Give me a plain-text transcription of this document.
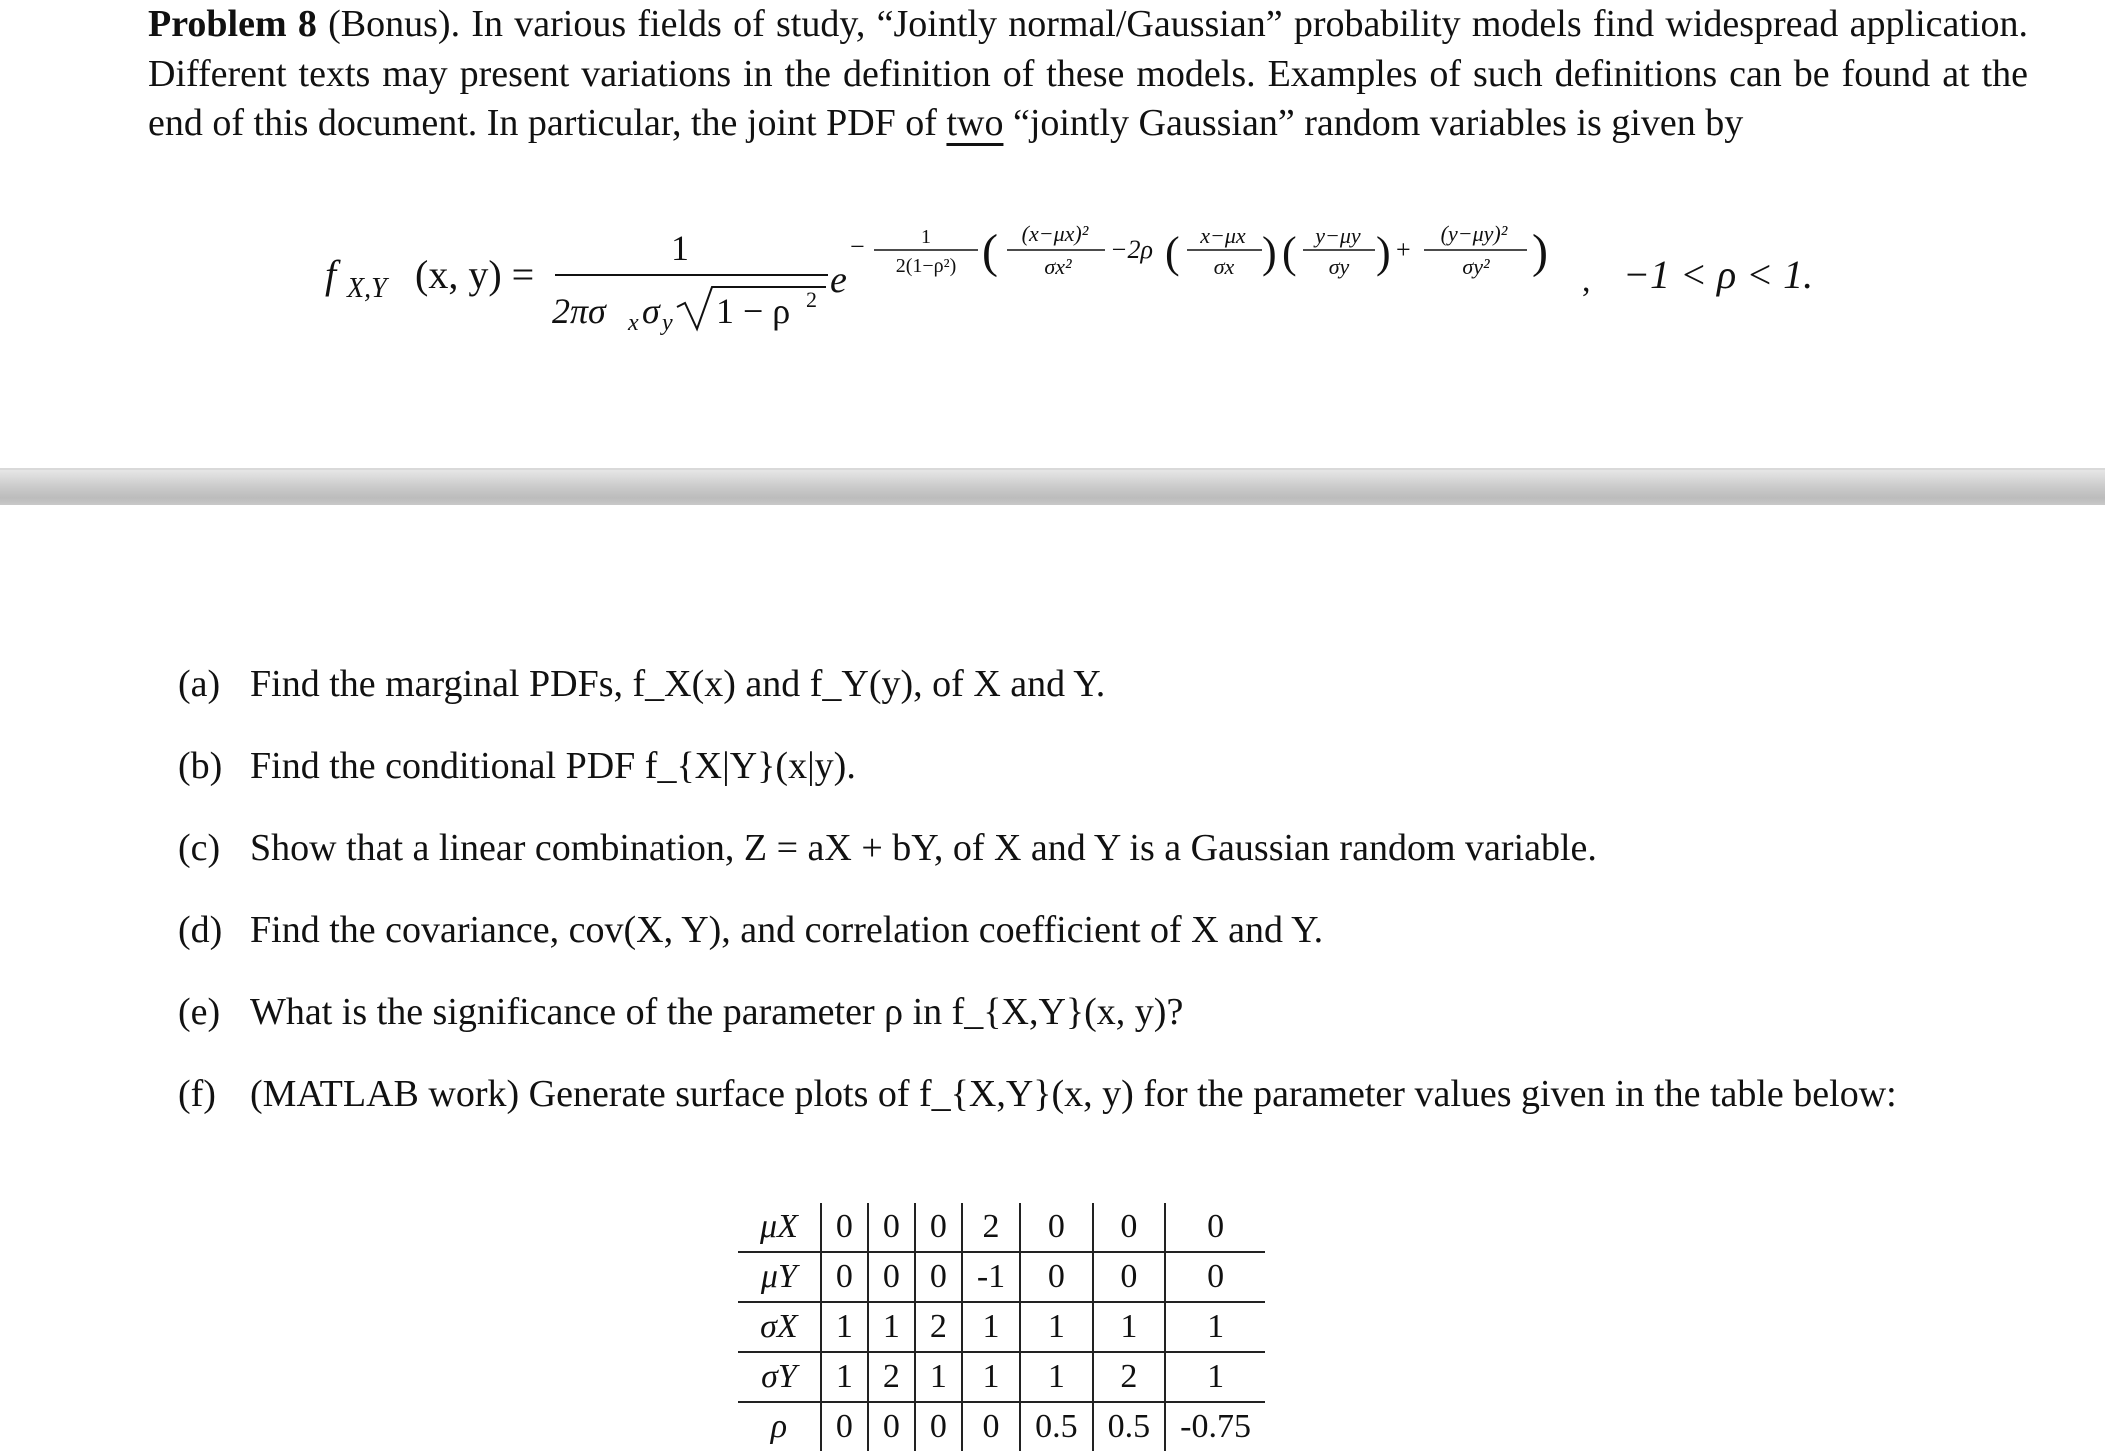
Problem 8 (Bonus). In various fields of study, “Jointly normal/Gaussian” probability models find widespread application. Different texts may present variations in the definition of these models. Examples of such definitions can be found at the end of this document. In particular, the joint PDF of two “jointly Gaussian” random variables is given by
f X,Y (x, y) =
1
2πσ x σ y 1 − ρ 2 e
−	1
2(1−ρ²) ( (x−μx)²
σx²
−2ρ ( x−μx
σx ) ( y−μy
σy ) +
(y−μy)²
σy² )
, −1 < ρ < 1.
(a) Find the marginal PDFs, f_X(x) and f_Y(y), of X and Y.
(b) Find the conditional PDF f_{X|Y}(x|y).
(c) Show that a linear combination, Z = aX + bY, of X and Y is a Gaussian random variable.
(d) Find the covariance, cov(X, Y), and correlation coefficient of X and Y.
(e) What is the significance of the parameter ρ in f_{X,Y}(x, y)?
(f) (MATLAB work) Generate surface plots of f_{X,Y}(x, y) for the parameter values given in the table below:
μX	0	0	0	2	0	0	0
μY	0	0	0	-1	0	0	0
σX	1	1	2	1	1	1	1
σY	1	2	1	1	1	2	1
ρ	0	0	0	0	0.5	0.5	-0.75
